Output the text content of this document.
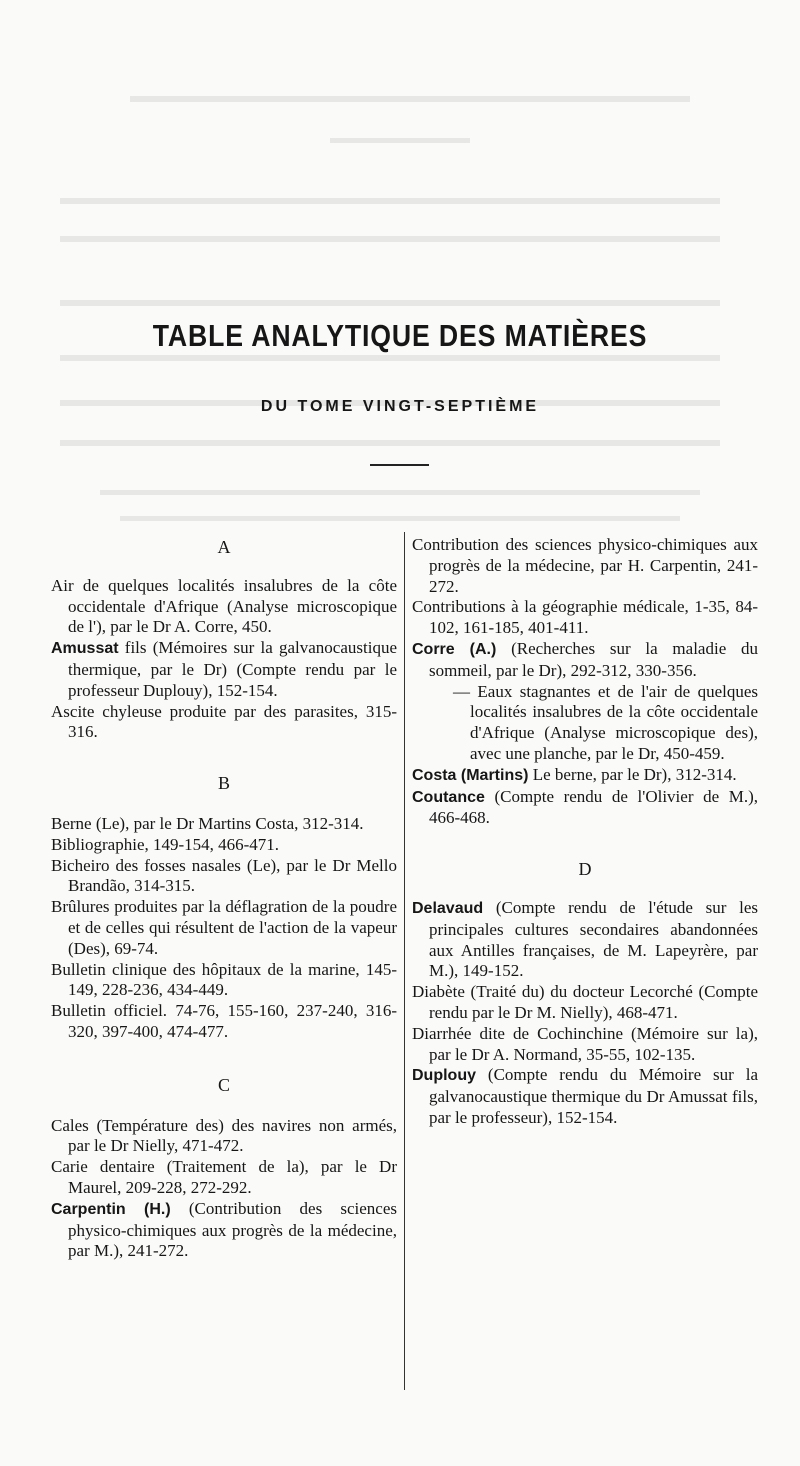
TABLE ANALYTIQUE DES MATIÈRES
DU TOME VINGT-SEPTIÈME

A

Air de quelques localités insalubres de la côte occidentale d'Afrique (Analyse microscopique de l'), par le Dr A. Corre, 450.

Amussat fils (Mémoires sur la galvanocaustique thermique, par le Dr) (Compte rendu par le professeur Duplouy), 152-154.

Ascite chyleuse produite par des parasites, 315-316.

B

Berne (Le), par le Dr Martins Costa, 312-314.

Bibliographie, 149-154, 466-471.

Bicheiro des fosses nasales (Le), par le Dr Mello Brandão, 314-315.

Brûlures produites par la déflagration de la poudre et de celles qui résultent de l'action de la vapeur (Des), 69-74.

Bulletin clinique des hôpitaux de la marine, 145-149, 228-236, 434-449.

Bulletin officiel. 74-76, 155-160, 237-240, 316-320, 397-400, 474-477.

C

Cales (Température des) des navires non armés, par le Dr Nielly, 471-472.

Carie dentaire (Traitement de la), par le Dr Maurel, 209-228, 272-292.

Carpentin (H.) (Contribution des sciences physico-chimiques aux progrès de la médecine, par M.), 241-272.

Contribution des sciences physico-chimiques aux progrès de la médecine, par H. Carpentin, 241-272.

Contributions à la géographie médicale, 1-35, 84-102, 161-185, 401-411.

Corre (A.) (Recherches sur la maladie du sommeil, par le Dr), 292-312, 330-356.

— Eaux stagnantes et de l'air de quelques localités insalubres de la côte occidentale d'Afrique (Analyse microscopique des), avec une planche, par le Dr, 450-459.

Costa (Martins) Le berne, par le Dr), 312-314.

Coutance (Compte rendu de l'Olivier de M.), 466-468.

D

Delavaud (Compte rendu de l'étude sur les principales cultures secondaires abandonnées aux Antilles françaises, de M. Lapeyrère, par M.), 149-152.

Diabète (Traité du) du docteur Lecorché (Compte rendu par le Dr M. Nielly), 468-471.

Diarrhée dite de Cochinchine (Mémoire sur la), par le Dr A. Normand, 35-55, 102-135.

Duplouy (Compte rendu du Mémoire sur la galvanocaustique thermique du Dr Amussat fils, par le professeur), 152-154.
